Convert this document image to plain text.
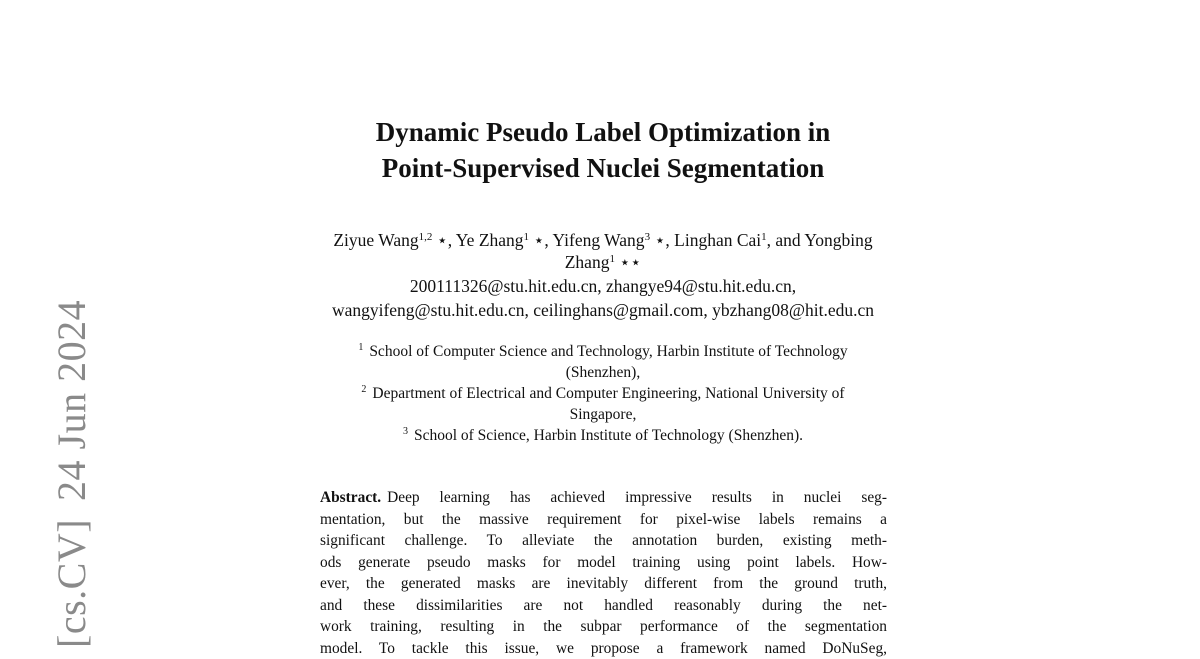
[cs.CV]24 Jun 2024
Dynamic Pseudo Label Optimization in
Point-Supervised Nuclei Segmentation
Ziyue Wang$^{1,2}$ ⋆, Ye Zhang$^1$ ⋆, Yifeng Wang$^3$ ⋆, Linghan Cai$^1$, and Yongbing
Zhang$^1$ ⋆⋆
200111326@stu.hit.edu.cn, zhangye94@stu.hit.edu.cn,
wangyifeng@stu.hit.edu.cn, ceilinghans@gmail.com, ybzhang08@hit.edu.cn
$^1$ School of Computer Science and Technology, Harbin Institute of Technology
(Shenzhen),
$^2$ Department of Electrical and Computer Engineering, National University of
Singapore,
$^3$ School of Science, Harbin Institute of Technology (Shenzhen).
Abstract. Deep learning has achieved impressive results in nuclei seg-
mentation, but the massive requirement for pixel-wise labels remains a
significant challenge. To alleviate the annotation burden, existing meth-
ods generate pseudo masks for model training using point labels. How-
ever, the generated masks are inevitably different from the ground truth,
and these dissimilarities are not handled reasonably during the net-
work training, resulting in the subpar performance of the segmentation
model. To tackle this issue, we propose a framework named DoNuSeg,
